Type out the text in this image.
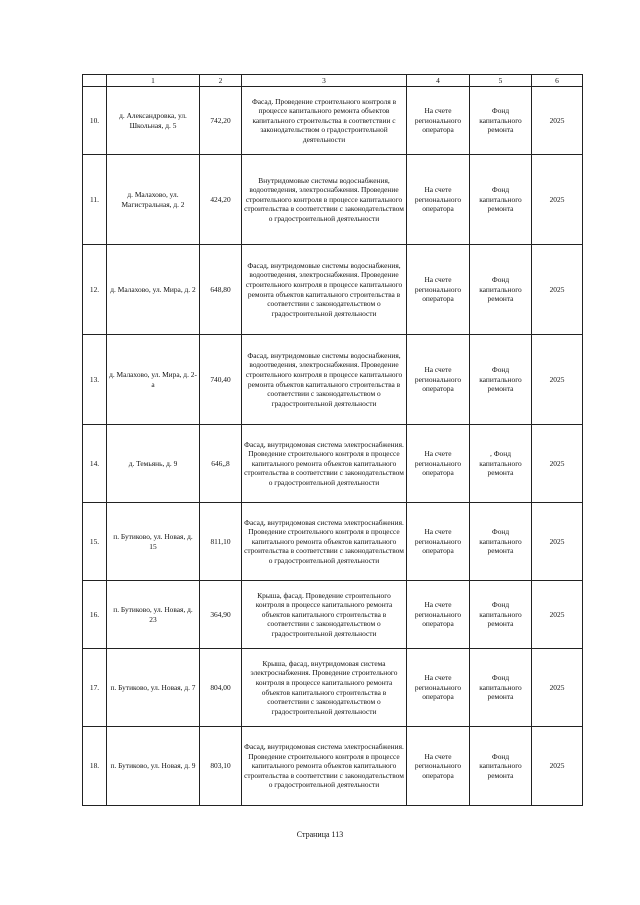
	1	2	3	4	5	6
10.	д. Александровка, ул. Школьная, д. 5	742,20	Фасад. Проведение строительного контроля в процессе капитального ремонта объектов капитального строительства в соответствии с законодательством о градостроительной деятельности	На счете регионального оператора	Фонд капитального ремонта	2025
11.	д. Малахово, ул. Магистральная, д. 2	424,20	Внутридомовые системы водоснабжения, водоотведения, электроснабжения. Проведение строительного контроля в процессе капитального строительства в соответствии с законодательством о градостроительной деятельности	На счете регионального оператора	Фонд капитального ремонта	2025
12.	д. Малахово, ул. Мира, д. 2	648,80	Фасад, внутридомовые системы водоснабжения, водоотведения, электроснабжения. Проведение строительного контроля в процессе капитального ремонта объектов капитального строительства в соответствии с законодательством о градостроительной деятельности	На счете регионального оператора	Фонд капитального ремонта	2025
13.	д. Малахово, ул. Мира, д. 2-а	740,40	Фасад, внутридомовые системы водоснабжения, водоотведения, электроснабжения. Проведение строительного контроля в процессе капитального ремонта объектов капитального строительства в соответствии с законодательством о градостроительной деятельности	На счете регионального оператора	Фонд капитального ремонта	2025
14.	д. Темьянь, д. 9	646,,8	Фасад, внутридомовая система электроснабжения. Проведение строительного контроля в процессе капитального ремонта объектов капитального строительства в соответствии с законодательством о градостроительной деятельности	На счете регионального оператора	, Фонд капитального ремонта	2025
15.	п. Бутиково, ул. Новая, д. 15	811,10	Фасад, внутридомовая система электроснабжения. Проведение строительного контроля в процессе капитального ремонта объектов капитального строительства в соответствии с законодательством о градостроительной деятельности	На счете регионального оператора	Фонд капитального ремонта	2025
16.	п. Бутиково, ул. Новая, д. 23	364,90	Крыша, фасад. Проведение строительного контроля в процессе капитального ремонта объектов капитального строительства в соответствии с законодательством о градостроительной деятельности	На счете регионального оператора	Фонд капитального ремонта	2025
17.	п. Бутиково, ул. Новая, д. 7	804,00	Крыша, фасад, внутридомовая система электроснабжения. Проведение строительного контроля в процессе капитального ремонта объектов капитального строительства в соответствии с законодательством о градостроительной деятельности	На счете регионального оператора	Фонд капитального ремонта	2025
18.	п. Бутиково, ул. Новая, д. 9	803,10	Фасад, внутридомовая система электроснабжения. Проведение строительного контроля в процессе капитального ремонта объектов капитального строительства в соответствии с законодательством о градостроительной деятельности	На счете регионального оператора	Фонд капитального ремонта	2025
Страница 113
